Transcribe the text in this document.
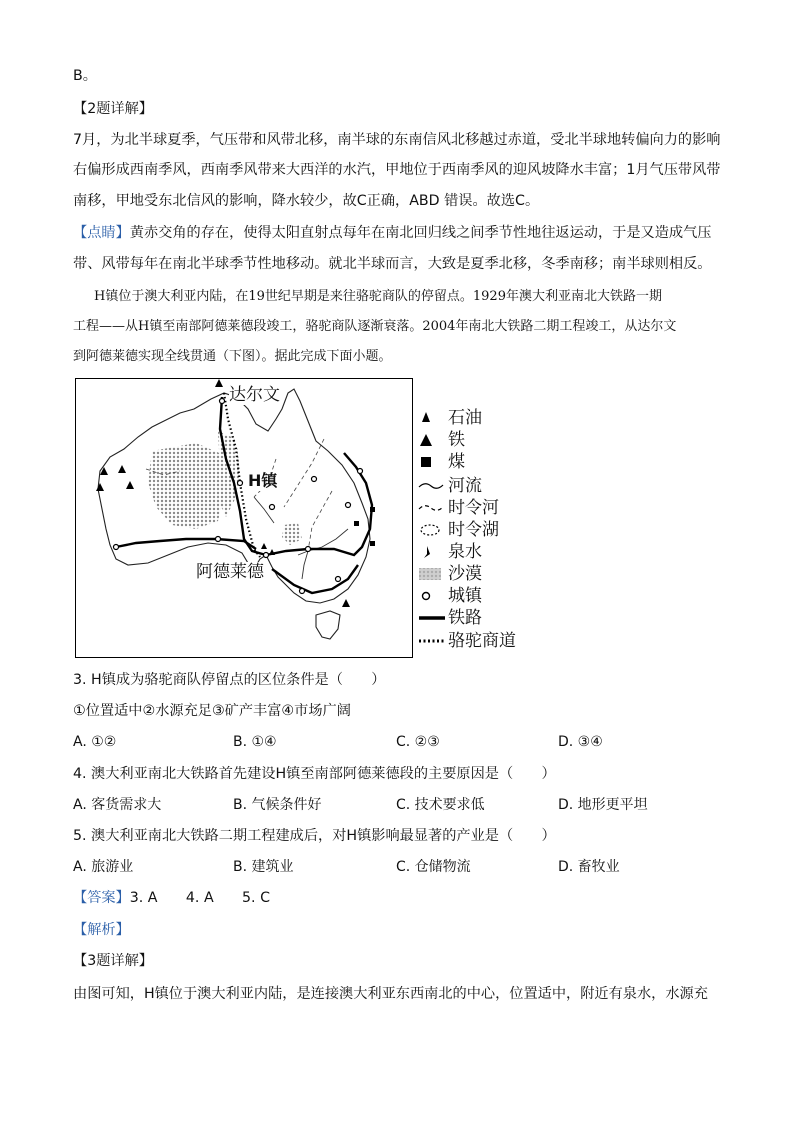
B。
【2题详解】
7月，为北半球夏季，气压带和风带北移，南半球的东南信风北移越过赤道，受北半球地转偏向力的影响
右偏形成西南季风，西南季风带来大西洋的水汽，甲地位于西南季风的迎风坡降水丰富；1月气压带风带
南移，甲地受东北信风的影响，降水较少，故C正确，ABD 错误。故选C。
【点睛】黄赤交角的存在，使得太阳直射点每年在南北回归线之间季节性地往返运动，于是又造成气压
带、风带每年在南北半球季节性地移动。就北半球而言，大致是夏季北移，冬季南移；南半球则相反。
H镇位于澳大利亚内陆，在19世纪早期是来往骆驼商队的停留点。1929年澳大利亚南北大铁路一期
工程——从H镇至南部阿德莱德段竣工，骆驼商队逐渐衰落。2004年南北大铁路二期工程竣工，从达尔文
到阿德莱德实现全线贯通（下图）。据此完成下面小题。
达尔文
H镇
阿德莱德
石油
铁
煤
河流
时令河
时令湖
泉水
沙漠
城镇
铁路
骆驼商道
3. H镇成为骆驼商队停留点的区位条件是（　　）
①位置适中②水源充足③矿产丰富④市场广阔
A. ①②	B. ①④	C. ②③	D. ③④
4. 澳大利亚南北大铁路首先建设H镇至南部阿德莱德段的主要原因是（　　）
A. 客货需求大	B. 气候条件好	C. 技术要求低	D. 地形更平坦
5. 澳大利亚南北大铁路二期工程建成后，对H镇影响最显著的产业是（　　）
A. 旅游业	B. 建筑业	C. 仓储物流	D. 畜牧业
【答案】3. A　　4. A　　5. C
【解析】
【3题详解】
由图可知，H镇位于澳大利亚内陆，是连接澳大利亚东西南北的中心，位置适中，附近有泉水，水源充
